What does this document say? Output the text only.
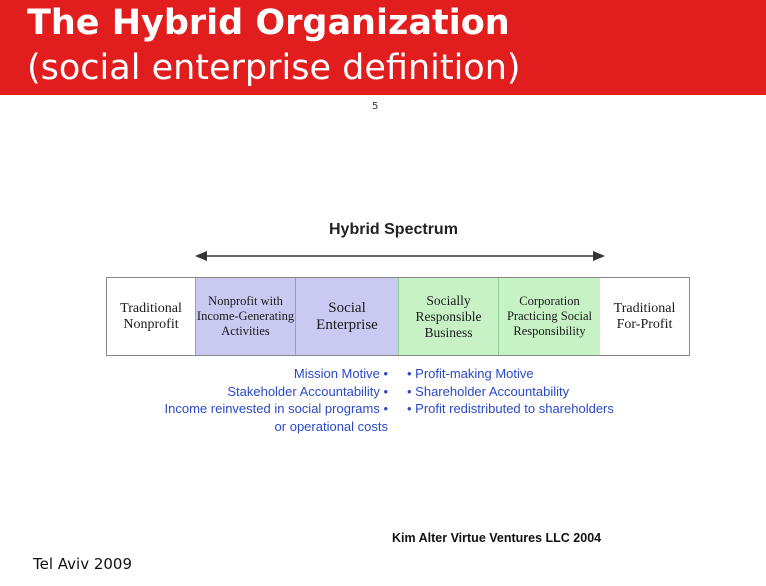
The Hybrid Organization
(social enterprise definition)
5
Hybrid Spectrum
Traditional Nonprofit
Nonprofit with Income-Generating Activities
Social Enterprise
Socially Responsible Business
Corporation Practicing Social Responsibility
Traditional For-Profit
Mission Motive •
Stakeholder Accountability •
Income reinvested in social programs •
or operational costs
• Profit-making Motive
• Shareholder Accountability
• Profit redistributed to shareholders
Kim Alter Virtue Ventures LLC 2004
Tel Aviv 2009
